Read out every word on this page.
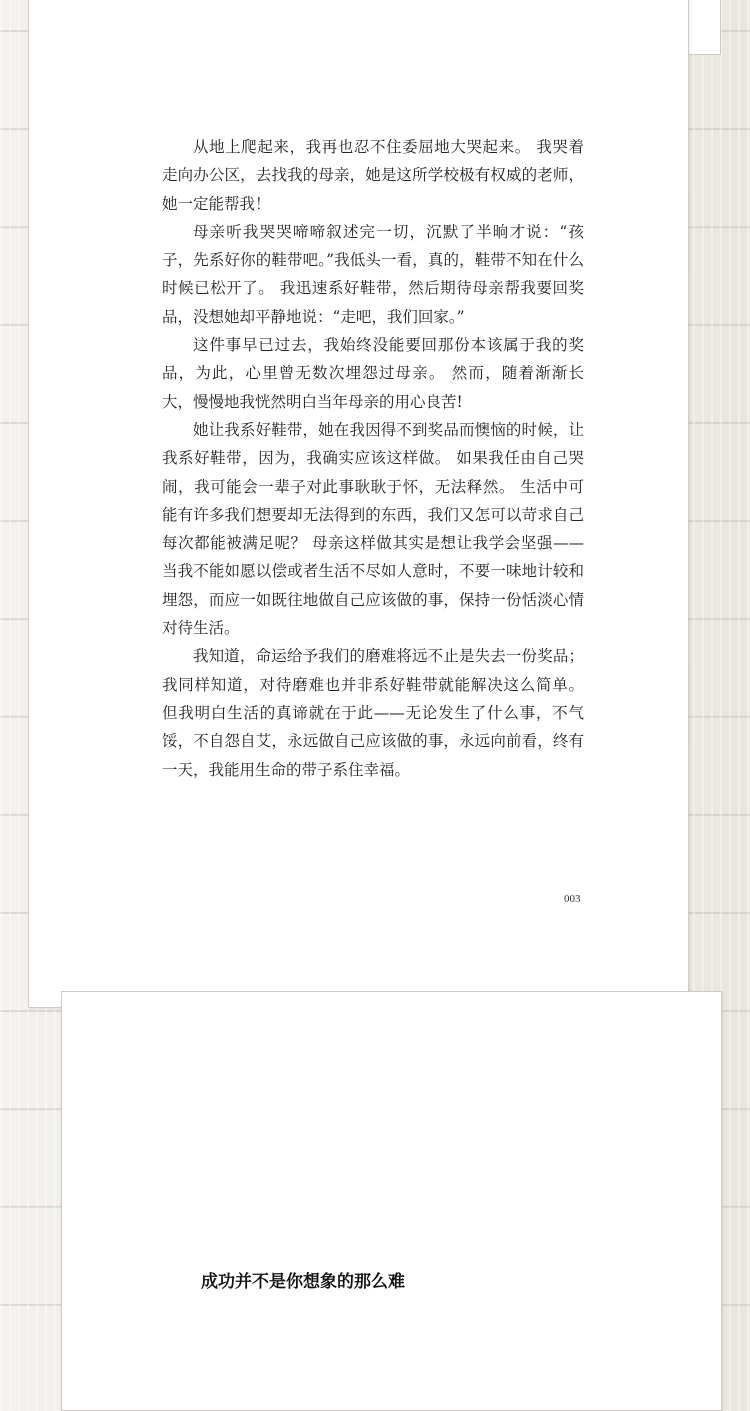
从地上爬起来，我再也忍不住委屈地大哭起来。 我哭着走向办公区，去找我的母亲，她是这所学校极有权威的老师，她一定能帮我！

母亲听我哭哭啼啼叙述完一切，沉默了半晌才说：“孩子，先系好你的鞋带吧。”我低头一看，真的，鞋带不知在什么时候已松开了。 我迅速系好鞋带，然后期待母亲帮我要回奖品，没想她却平静地说：“走吧，我们回家。”

这件事早已过去，我始终没能要回那份本该属于我的奖品，为此，心里曾无数次埋怨过母亲。 然而，随着渐渐长大，慢慢地我恍然明白当年母亲的用心良苦!

她让我系好鞋带，她在我因得不到奖品而懊恼的时候，让我系好鞋带，因为，我确实应该这样做。 如果我任由自己哭闹，我可能会一辈子对此事耿耿于怀，无法释然。 生活中可能有许多我们想要却无法得到的东西，我们又怎可以苛求自己每次都能被满足呢？ 母亲这样做其实是想让我学会坚强——当我不能如愿以偿或者生活不尽如人意时，不要一味地计较和埋怨，而应一如既往地做自己应该做的事，保持一份恬淡心情对待生活。

我知道，命运给予我们的磨难将远不止是失去一份奖品；我同样知道，对待磨难也并非系好鞋带就能解决这么简单。 但我明白生活的真谛就在于此——无论发生了什么事，不气馁，不自怨自艾，永远做自己应该做的事，永远向前看，终有一天，我能用生命的带子系住幸福。

003
成功并不是你想象的那么难
